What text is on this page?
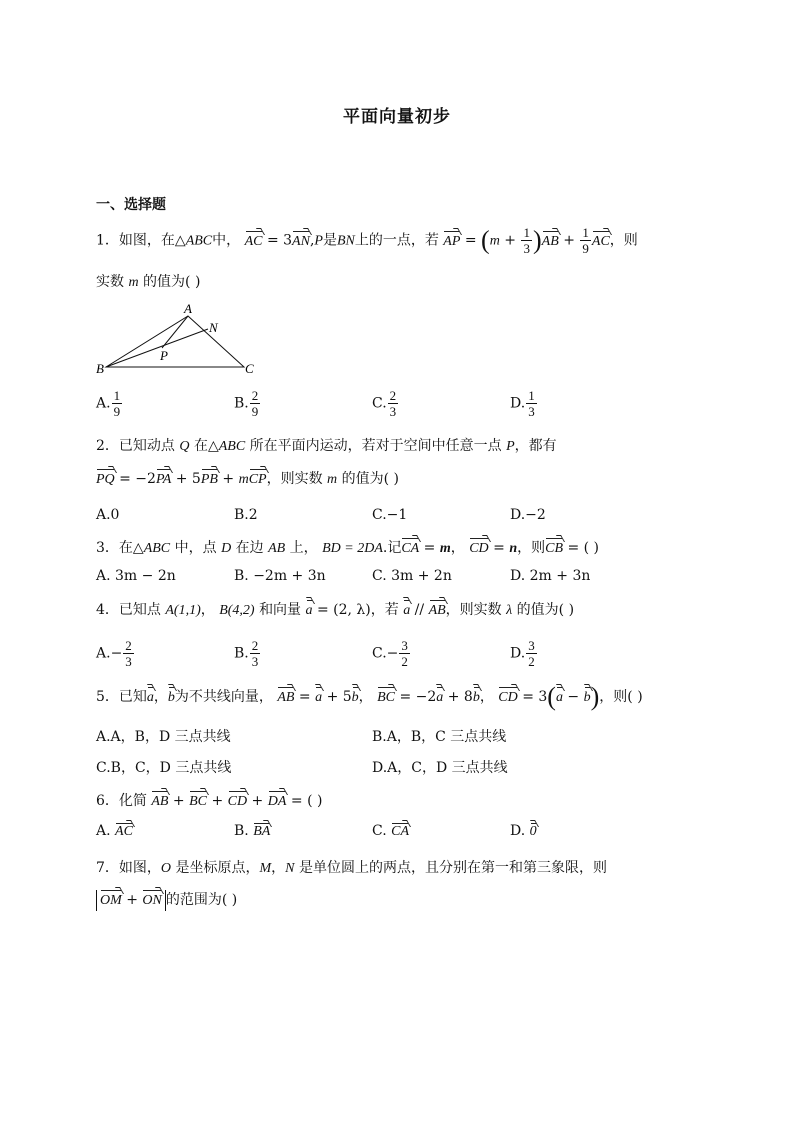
平面向量初步
一、选择题
1．如图，在△ABC中， AC = 3AN,P是BN上的一点，若 AP = $(m + \frac{1}{3} )AB + \frac{1}{9}$ AC，则
实数 m 的值为( )
A
B	C
N
P
A. $\frac{1}{9}$	B. $\frac{2}{9}$	C. $\frac{2}{3}$	D. $\frac{1}{3}$
2．已知动点 Q 在△ABC 所在平面内运动，若对于空间中任意一点 P，都有
PQ = −2PA + 5PB + mCP，则实数 m 的值为( )
A.0	B.2	C.−1	D.−2
3．在△ABC 中，点 D 在边 AB 上， BD = 2DA.记CA = m， CD = n，则CB = ( )
A. 3m − 2n	B. −2m + 3n	C. 3m + 2n	D. 2m + 3n
4．已知点 A(1,1)， B(4,2) 和向量 a = (2, λ)，若 a // AB，则实数 λ 的值为( )
$A.- \frac{2}{3}$	B. $\frac{2}{3}$	$C.- \frac{3}{2}$	D. $\frac{3}{2}$
5．已知a，b为不共线向量， AB = a + 5b， BC = −2a + 8b， CD = 3(a − b)，则( )
A.A，B，D 三点共线	B.A，B，C 三点共线
C.B，C，D 三点共线	D.A，C，D 三点共线
6．化简 AB + BC + CD + DA = ( )
A. AC	B. BA	C. CA	D. 0
7．如图，O 是坐标原点，M，N 是单位圆上的两点，且分别在第一和第三象限，则
OM + ON 的范围为( )
